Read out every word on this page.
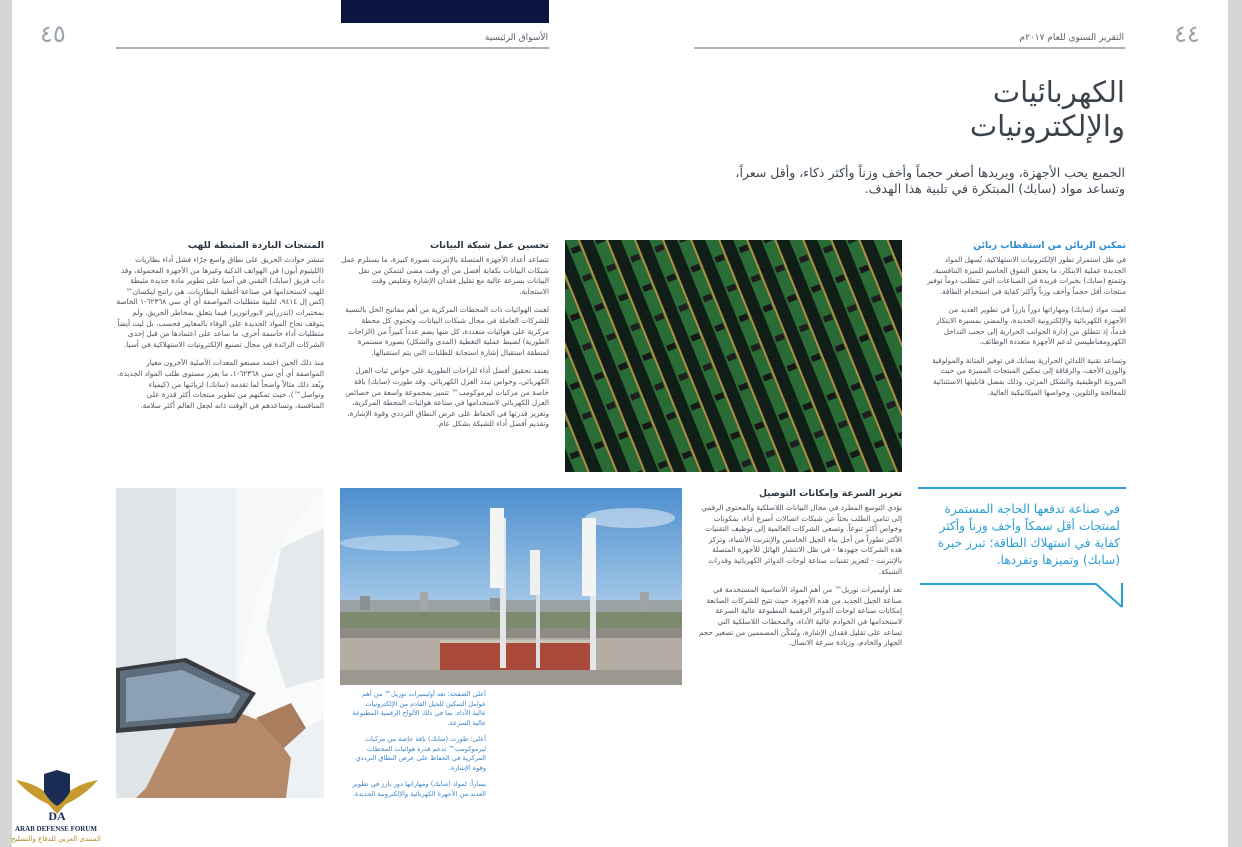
٤٥	الأسواق الرئيسية	٤٤
التقرير السنوي للعام ٢٠١٧م
الكهربائيات
والإلكترونيات
الجميع يحب الأجهزة، ويريدها أصغر حجماً وأخف وزناً وأكثر ذكاء، وأقل سعراً، وتساعد مواد (سابك) المبتكرة في تلبية هذا الهدف.
تمكين الزبائن من استقطاب زبائن

في ظل استمرار تطور الإلكترونيات الاستهلاكية، تُسهل المواد الجديدة عملية الابتكار، ما يحقق التفوق الحاسم للميزة التنافسية. وتتمتع (سابك) بخبرات فريدة في الصناعات التي تتطلب دوماً توفير منتجات أقل حجماً وأخف وزناً وأكثر كفاية في استخدام الطاقة.

لعبت مواد (سابك) ومهاراتها دوراً بارزاً في تطوير العديد من الأجهزة الكهربائية والإلكترونية الجديدة، والمضي بمسيرة الابتكار قدماً، إذ تتطلق من إدارة الجوانب الحرارية إلى حجب التداخل الكهرومغناطيسي لدعم الأجهزة متعددة الوظائف.

وتساعد تقنية اللدائن الحرارية بسابك في توفير المتانة والمولوقية والوزن الأخف، والرقاقة إلى تمكين المنتجات المميزة من حيث المرونة الوظيفية والشكل المرئي، وذلك بفضل قابليتها الاستثنائية للمعالجة والتلوين، وخواصها الميكانيكية العالية.

تحسين عمل شبكة البيانات

تتصاعد أعداد الأجهزة المتصلة بالإنترنت بصورة كبيرة، ما يستلزم عمل شبكات البيانات بكفاية أفضل من أي وقت مضى لتتمكن من نقل البيانات بسرعة عالية مع تقليل فقدان الإشارة وتقليص وقت الاستجابة.

لعبت الهوائيات ذات المحطات المركزية من أهم مفاتيح الحل بالنسبة للشركات العاملة في مجال شبكات البيانات، وتحتوي كل محطة مركزية على هوائيات متعددة، كل منها يضم عدداً كبيراً من (الزاحات الطورية) لضبط عملية التغطية (المدى والشكل) بصورة مستمرة لمنطقة استقبال إشارة استجابة للطلبات التي يتم استقبالها.

يعتمد تحقيق أفضل أداء للزاحات الطورية على خواص ثبات العزل الكهربائي، وخواص تبدد العزل الكهربائي. وقد طورت (سابك) باقة خاصة من مركبات ليرموكومب™ تتميز بمجموعة واسعة من خصائص العزل الكهربائي لاستخدامها في صناعة هوائيات المحطة المركزية، وتعزيز قدرتها في الحفاظ على عرض النطاق الترددي وقوة الإشارة، وتقديم أفضل أداء للشبكة بشكل عام.

المنتجات الباردة المثبطة للهب

تنتشر حوادث الحريق على نطاق واسع جرّاء فشل أداء بطاريات (الليثيوم أيون) في الهواتف الذكية وغيرها من الأجهزة المحمولة، وقد دأب فريق (سابك) التقني في آسيا على تطوير مادة جديدة مثبطة للهب لاستخدامها في صناعة أغطية البطاريات، هي راتنج ليكسان™ إكس إل ٩٤١٤، لتلبية متطلبات المواصفة أي أي سي ٦٢٣٦٨-١ الخاصة بمختبرات (اندررايتر لابوراتوريز) فيما يتعلق بمخاطر الحريق. ولم يتوقف نجاح المواد الجديدة على الوفاء بالمعايير فحسب، بل ليت أيضاً متطلبات أداء حاسمة أخرى، ما ساعد على اعتمادها من قبل إحدى الشركات الرائدة في مجال تصنيع الإلكترونيات الاستهلاكية في آسيا.

منذ ذلك الحين اعتمد مصنعو المعدات الأصلية الآخرون معيار المواصفة أي أي سي ٦٢٣٦٨-١، ما يعزز مستوى طلب المواد الجديدة، ويُعد ذلك مثالاً واضحاً لما تقدمه (سابك) لزبائنها من (كيمياء وتواصل™)، حيث تمكنهم من تطوير منتجات أكثر قدرة على المنافسة، وتساعدهم في الوقت ذاته لجعل العالم أكثر سلامة.

في صناعة تدفعها الحاجة المستمرة لمنتجات أقل سمكاً وأخف وزناً وأكثر كفاية في استهلاك الطاقة؛ تبرز خبرة (سابك) وتميزها وتفردها.
تعزيز السرعة وإمكانات التوصيل

يؤدي التوسع المطرد في مجال البيانات اللاسلكية والمحتوى الرقمي إلى تنامي الطلب بحثاً عن شبكات اتصالات أسرع أداء، بمكونات وخواص أكثر تنوعاً. وتسعى الشركات العالمية إلى توظيف التقنيات الأكثر تطوراً من أجل بناء الجيل الخامس والإنترنت الأشياء، وتركز هذه الشركات جهودها - في ظل الانتشار الهائل للأجهزة المتصلة بالإنترنت - لتعزيز تقنيات صناعة لوحات الدوائر الكهربائية وقدرات الشبكة.

تعد أوليميرات نوريل™ من أهم المواد الأساسية المستخدمة في صناعة الجيل الجديد من هذه الأجهزة، حيث تتيح للشركات الصانعة إمكانات صناعة لوحات الدوائر الرقمية المطبوعة عالية السرعة لاستخدامها في الخوادم عالية الأداء، والمحطات اللاسلكية التي تساعد على تقليل فقدان الإشارة، وتُمكّن المصممين من تصغير حجم الجهاز والخادم، وزيادة سرعة الاتصال.

أعلى الصفحة: تعد أوليميرات نوريل™ من أهم عوامل التمكين للجيل القادم من الإلكترونيات عالية الأداء، بما في ذلك الألواح الرقمية المطبوعة عالية السرعة.

أعلى: طورت (سابك) باقة خاصة من مركبات ليرموكومب™ تدعم قدرة هوائيات المحطات المركزية في الحفاظ على عرض النطاق الترددي وقوة الإشارة.

يساراً: لمواد (سابك) ومهاراتها دور بارز في تطوير العديد من الأجهزة الكهربائية والإلكترونية الجديدة.

DA
ARAB DEFENSE FORUM
المنتدى العربي للدفاع والتسليح
